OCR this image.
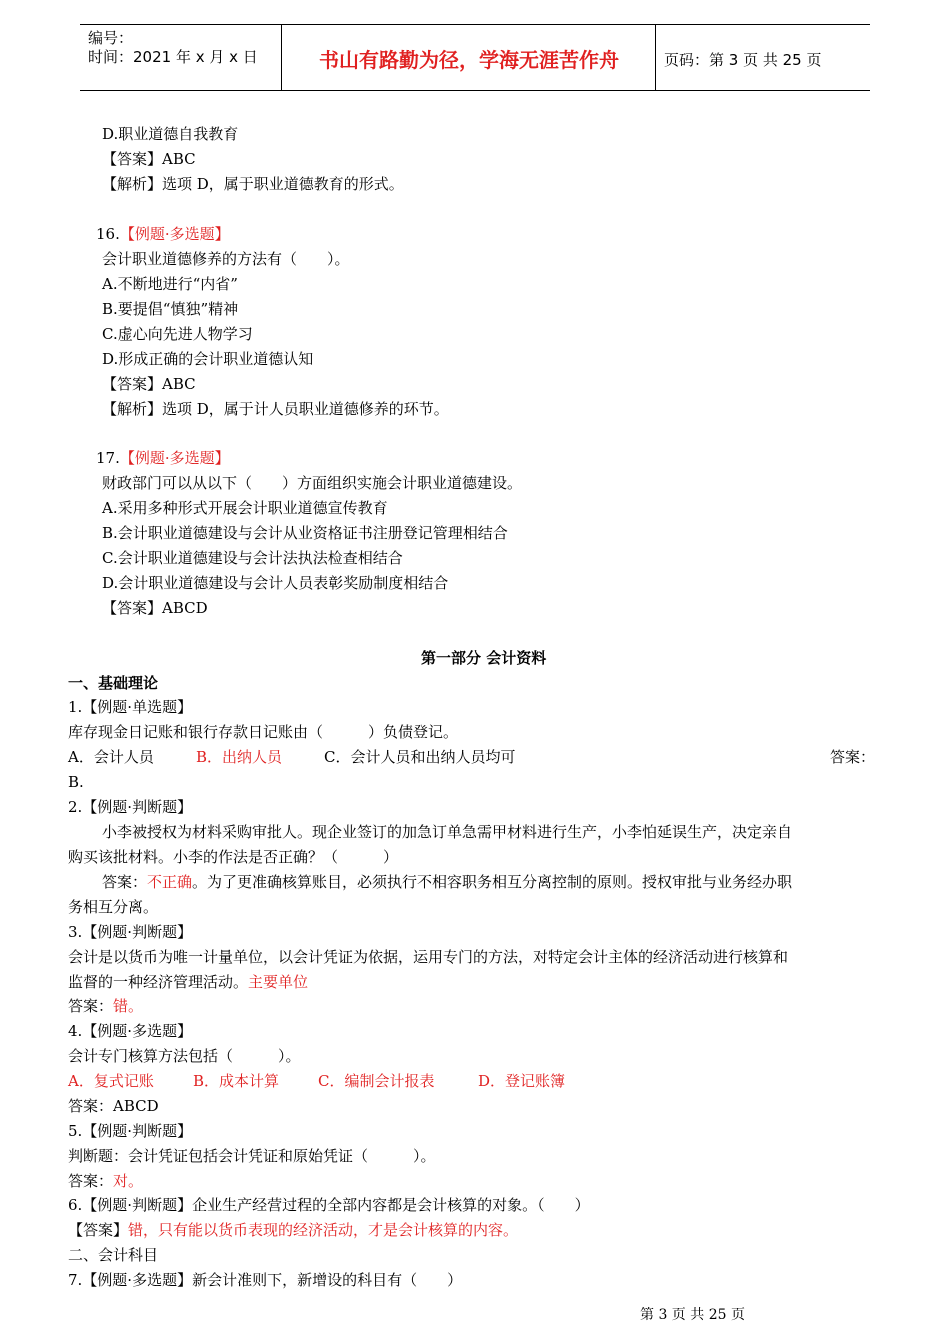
编号：
时间：2021 年 x 月 x 日	书山有路勤为径，学海无涯苦作舟	页码：第 3 页 共 25 页
D.职业道德自我教育
【答案】ABC
【解析】选项 D，属于职业道德教育的形式。
16.【例题·多选题】
会计职业道德修养的方法有（　　）。
A.不断地进行“内省”
B.要提倡“慎独”精神
C.虚心向先进人物学习
D.形成正确的会计职业道德认知
【答案】ABC
【解析】选项 D，属于计人员职业道德修养的环节。
17.【例题·多选题】
财政部门可以从以下（　　）方面组织实施会计职业道德建设。
A.采用多种形式开展会计职业道德宣传教育
B.会计职业道德建设与会计从业资格证书注册登记管理相结合
C.会计职业道德建设与会计法执法检查相结合
D.会计职业道德建设与会计人员表彰奖励制度相结合
【答案】ABCD
第一部分 会计资料
一、基础理论
1.【例题·单选题】
库存现金日记账和银行存款日记账由（　　　）负债登记。
A．会计人员	B．出纳人员	C．会计人员和出纳人员均可	答案：
B.
2.【例题·判断题】
小李被授权为材料采购审批人。现企业签订的加急订单急需甲材料进行生产，小李怕延误生产，决定亲自
购买该批材料。小李的作法是否正确？（　　　）
答案：不正确。为了更准确核算账目，必须执行不相容职务相互分离控制的原则。授权审批与业务经办职
务相互分离。
3.【例题·判断题】
会计是以货币为唯一计量单位，以会计凭证为依据，运用专门的方法，对特定会计主体的经济活动进行核算和
监督的一种经济管理活动。主要单位
答案：错。
4.【例题·多选题】
会计专门核算方法包括（　　　）。
A．复式记账	B．成本计算	C．编制会计报表	D．登记账簿
答案：ABCD
5.【例题·判断题】
判断题：会计凭证包括会计凭证和原始凭证（　　　）。
答案：对。
6.【例题·判断题】企业生产经营过程的全部内容都是会计核算的对象。（　　）
【答案】错，只有能以货币表现的经济活动，才是会计核算的内容。
二、会计科目
7.【例题·多选题】新会计准则下，新增设的科目有（　　）
第 3 页 共 25 页
